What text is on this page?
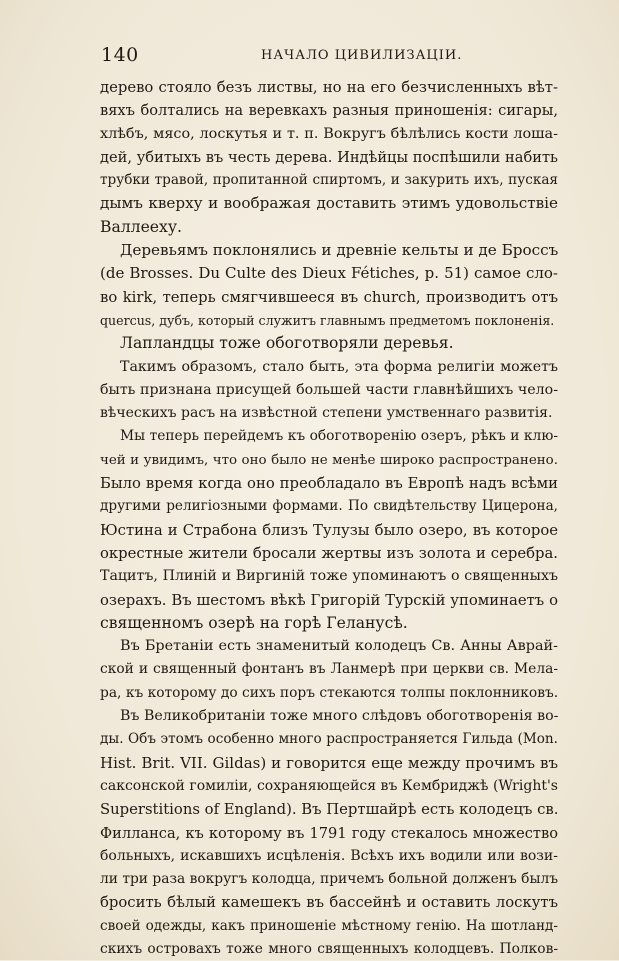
140	НАЧАЛО ЦИВИЛИЗАЦІИ.
дерево стояло безъ листвы, но на его безчисленныхъ вѣт-
вяхъ болтались на веревкахъ разныя приношенія: сигары,
хлѣбъ, мясо, лоскутья и т. п. Вокругъ бѣлѣлись кости лоша-
дей, убитыхъ въ честь дерева. Индѣйцы поспѣшили набить
трубки травой, пропитанной спиртомъ, и закурить ихъ, пуская
дымъ кверху и воображая доставить этимъ удовольствіе
Валлееху.
Деревьямъ поклонялись и древніе кельты и де Броссъ
(de Brosses. Du Culte des Dieux Fétiches, p. 51) самое сло-
во kirk, теперь смягчившееся въ church, производитъ отъ
quercus, дубъ, который служитъ главнымъ предметомъ поклоненія.
Лапландцы тоже обоготворяли деревья.
Такимъ образомъ, стало быть, эта форма религіи можетъ
быть признана присущей большей части главнѣйшихъ чело-
вѣческихъ расъ на извѣстной степени умственнаго развитія.
Мы теперь перейдемъ къ обоготворенію озеръ, рѣкъ и клю-
чей и увидимъ, что оно было не менѣе широко распространено.
Было время когда оно преобладало въ Европѣ надъ всѣми
другими религіозными формами. По свидѣтельству Цицерона,
Юстина и Страбона близъ Тулузы было озеро, въ которое
окрестные жители бросали жертвы изъ золота и серебра.
Тацитъ, Плиній и Виргиній тоже упоминаютъ о священныхъ
озерахъ. Въ шестомъ вѣкѣ Григорій Турскій упоминаетъ о
священномъ озерѣ на горѣ Геланусѣ.
Въ Бретаніи есть знаменитый колодецъ Св. Анны Аврай-
ской и священный фонтанъ въ Ланмерѣ при церкви св. Мела-
ра, къ которому до сихъ поръ стекаются толпы поклонниковъ.
Въ Великобританіи тоже много слѣдовъ обоготворенія во-
ды. Объ этомъ особенно много распространяется Гильда (Mon.
Hist. Brit. VII. Gildas) и говорится еще между прочимъ въ
саксонской гомиліи, сохраняющейся въ Кембриджѣ (Wright's
Superstitions of England). Въ Пертшайрѣ есть колодецъ св.
Филланса, къ которому въ 1791 году стекалось множество
больныхъ, искавшихъ исцѣленія. Всѣхъ ихъ водили или вози-
ли три раза вокругъ колодца, причемъ больной долженъ былъ
бросить бѣлый камешекъ въ бассейнѣ и оставить лоскутъ
своей одежды, какъ приношеніе мѣстному генію. На шотланд-
скихъ островахъ тоже много священныхъ колодцевъ. Полков-
